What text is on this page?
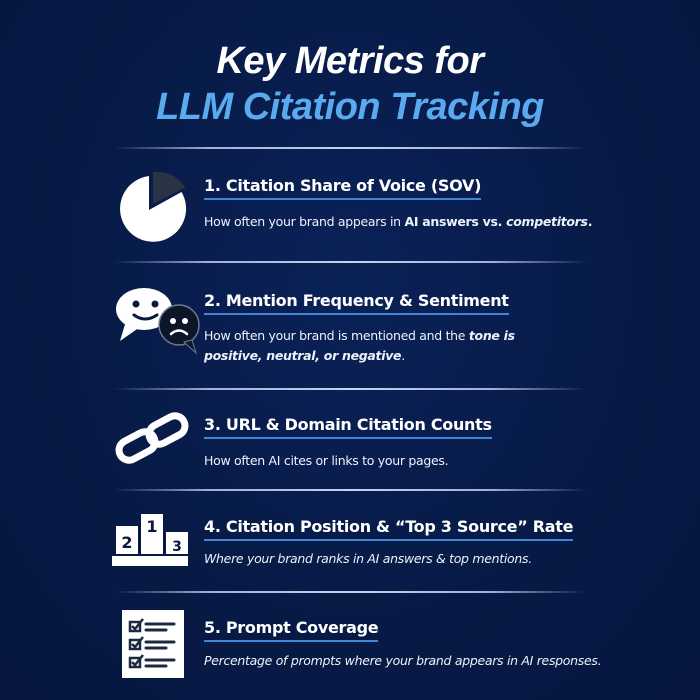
Key Metrics for
LLM Citation Tracking
1. Citation Share of Voice (SOV)
How often your brand appears in AI answers vs. competitors.
2. Mention Frequency & Sentiment
How often your brand is mentioned and the tone is
positive, neutral, or negative.
3. URL & Domain Citation Counts
How often AI cites or links to your pages.
2
1
3
4. Citation Position & “Top 3 Source” Rate
Where your brand ranks in AI answers & top mentions.
5. Prompt Coverage
Percentage of prompts where your brand appears in AI responses.
